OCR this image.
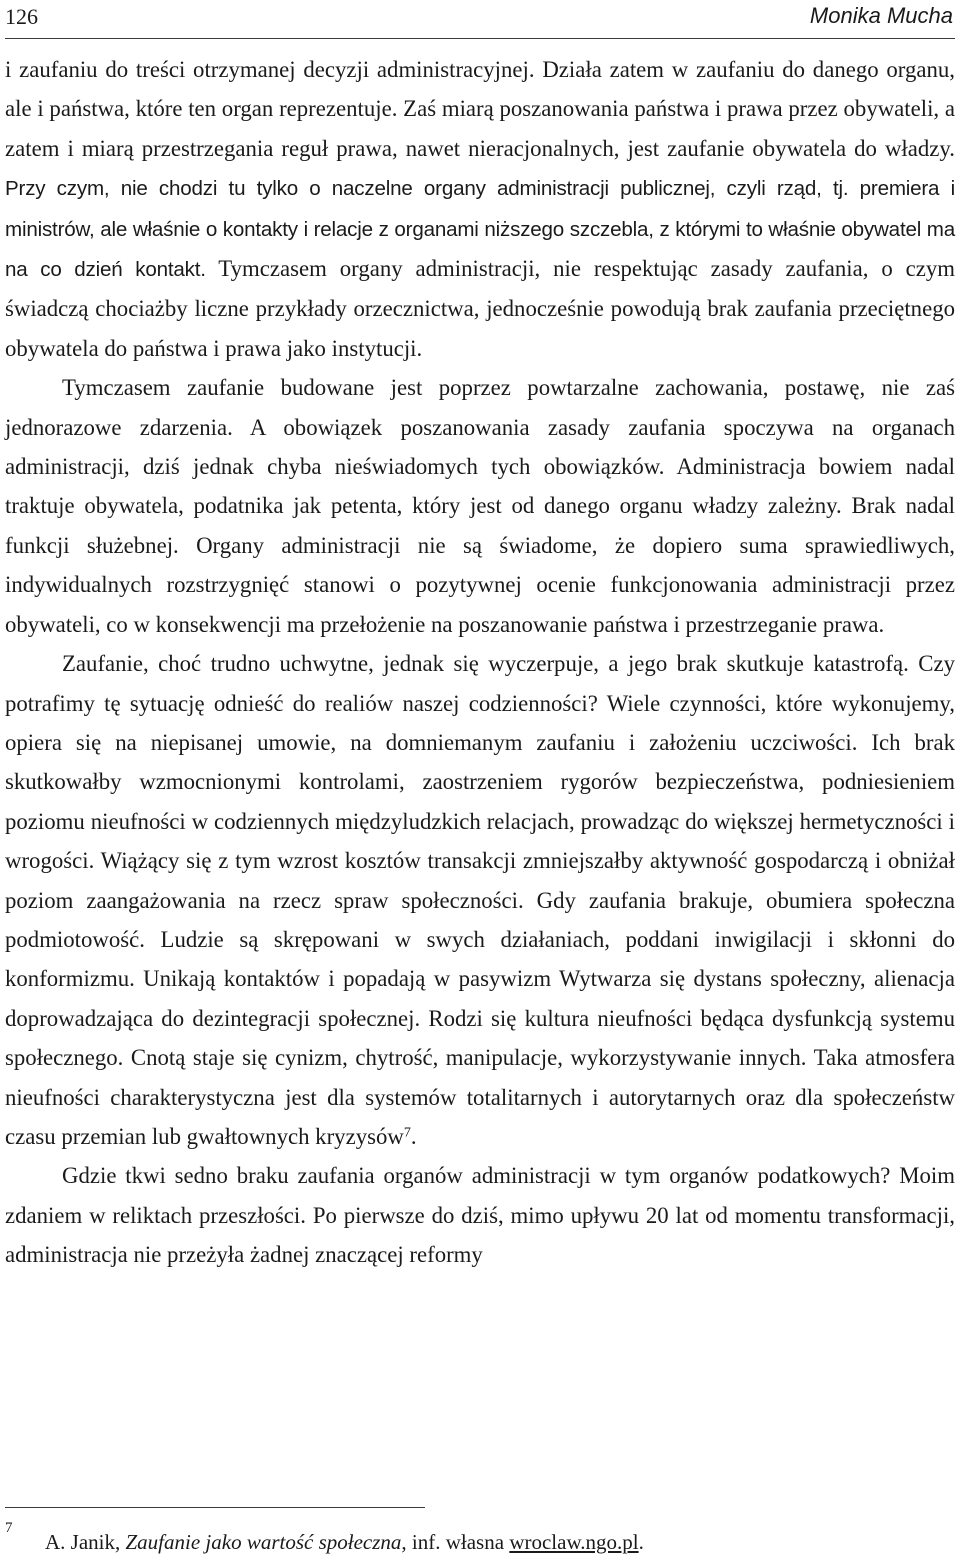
126	Monika Mucha

i zaufaniu do treści otrzymanej decyzji administracyjnej. Działa zatem w zaufaniu do danego organu, ale i państwa, które ten organ reprezentuje. Zaś miarą poszanowania państwa i prawa przez obywateli, a zatem i miarą przestrzegania reguł prawa, nawet nieracjonalnych, jest zaufanie obywatela do władzy. Przy czym, nie chodzi tu tylko o naczelne organy administracji publicznej, czyli rząd, tj. premiera i ministrów, ale właśnie o kontakty i relacje z organami niższego szczebla, z którymi to właśnie obywatel ma na co dzień kontakt. Tymczasem organy administracji, nie respektując zasady zaufania, o czym świadczą chociażby liczne przykłady orzecznictwa, jednocześnie powodują brak zaufania przeciętnego obywatela do państwa i prawa jako instytucji.

Tymczasem zaufanie budowane jest poprzez powtarzalne zachowania, postawę, nie zaś jednorazowe zdarzenia. A obowiązek poszanowania zasady zaufania spoczywa na organach administracji, dziś jednak chyba nieświadomych tych obowiązków. Administracja bowiem nadal traktuje obywatela, podatnika jak petenta, który jest od danego organu władzy zależny. Brak nadal funkcji służebnej. Organy administracji nie są świadome, że dopiero suma sprawiedliwych, indywidualnych rozstrzygnięć stanowi o pozytywnej ocenie funkcjonowania administracji przez obywateli, co w konsekwencji ma przełożenie na poszanowanie państwa i przestrzeganie prawa.

Zaufanie, choć trudno uchwytne, jednak się wyczerpuje, a jego brak skutkuje katastrofą. Czy potrafimy tę sytuację odnieść do realiów naszej codzienności? Wiele czynności, które wykonujemy, opiera się na niepisanej umowie, na domniemanym zaufaniu i założeniu uczciwości. Ich brak skutkowałby wzmocnionymi kontrolami, zaostrzeniem rygorów bezpieczeństwa, podniesieniem poziomu nieufności w codziennych międzyludzkich relacjach, prowadząc do większej hermetyczności i wrogości. Wiążący się z tym wzrost kosztów transakcji zmniejszałby aktywność gospodarczą i obniżał poziom zaangażowania na rzecz spraw społeczności. Gdy zaufania brakuje, obumiera społeczna podmiotowość. Ludzie są skrępowani w swych działaniach, poddani inwigilacji i skłonni do konformizmu. Unikają kontaktów i popadają w pasywizm Wytwarza się dystans społeczny, alienacja doprowadzająca do dezintegracji społecznej. Rodzi się kultura nieufności będąca dysfunkcją systemu społecznego. Cnotą staje się cynizm, chytrość, manipulacje, wykorzystywanie innych. Taka atmosfera nieufności charakterystyczna jest dla systemów totalitarnych i autorytarnych oraz dla społeczeństw czasu przemian lub gwałtownych kryzysów$^7$.

Gdzie tkwi sedno braku zaufania organów administracji w tym organów podatkowych? Moim zdaniem w reliktach przeszłości. Po pierwsze do dziś, mimo upływu 20 lat od momentu transformacji, administracja nie przeżyła żadnej znaczącej reformy

7
A. Janik, Zaufanie jako wartość społeczna, inf. własna wroclaw.ngo.pl.
